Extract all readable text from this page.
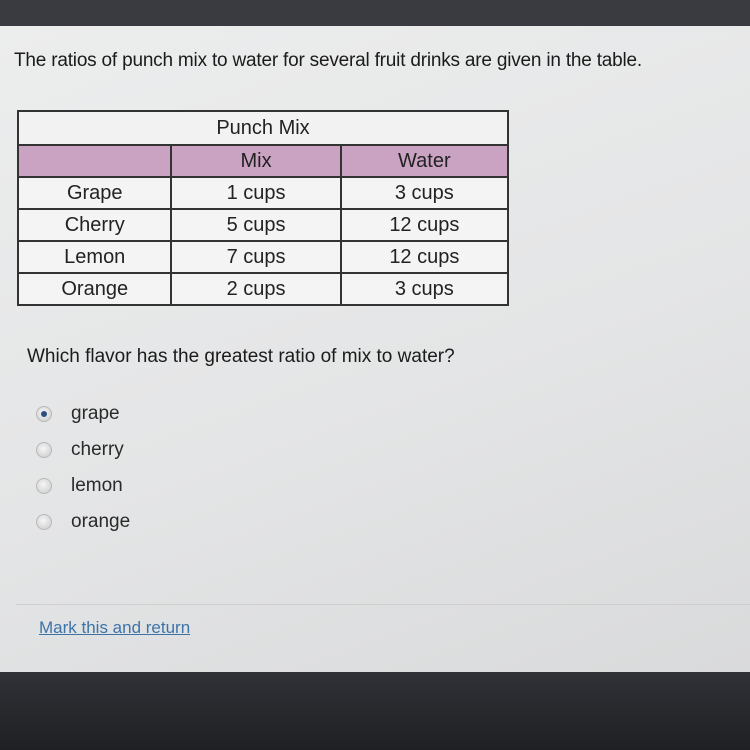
The ratios of punch mix to water for several fruit drinks are given in the table.
Punch Mix		
	Mix	Water
Grape	1 cups	3 cups
Cherry	5 cups	12 cups
Lemon	7 cups	12 cups
Orange	2 cups	3 cups
Which flavor has the greatest ratio of mix to water?
grape
cherry
lemon
orange
Mark this and return
